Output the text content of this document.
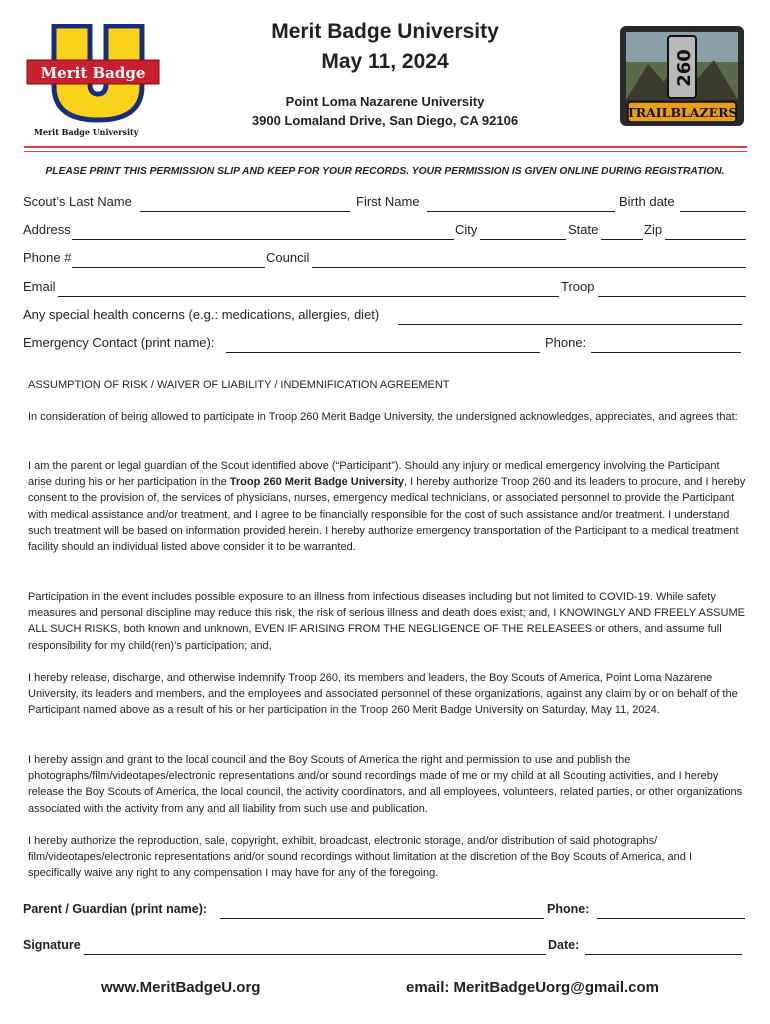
Merit Badge
Merit Badge University
260
TRAILBLAZERS
Merit Badge University
May 11, 2024
Point Loma Nazarene University
3900 Lomaland Drive, San Diego, CA 92106
PLEASE PRINT THIS PERMISSION SLIP AND KEEP FOR YOUR RECORDS. YOUR PERMISSION IS GIVEN ONLINE DURING REGISTRATION.
Scout’s Last Name	First Name	Birth date
Address	City	State	Zip
Phone #	Council
Email	Troop
Any special health concerns (e.g.: medications, allergies, diet)
Emergency Contact (print name):	Phone:
ASSUMPTION OF RISK / WAIVER OF LIABILITY / INDEMNIFICATION AGREEMENT
In consideration of being allowed to participate in Troop 260 Merit Badge University, the undersigned acknowledges, appreciates, and agrees that:
I am the parent or legal guardian of the Scout identified above (“Participant”). Should any injury or medical emergency involving the Participant arise during his or her participation in the Troop 260 Merit Badge University, I hereby authorize Troop 260 and its leaders to procure, and I hereby consent to the provision of, the services of physicians, nurses, emergency medical technicians, or associated personnel to provide the Participant with medical assistance and/or treatment, and I agree to be financially responsible for the cost of such assistance and/or treatment. I understand such treatment will be based on information provided herein. I hereby authorize emergency transportation of the Participant to a medical treatment facility should an individual listed above consider it to be warranted.
Participation in the event includes possible exposure to an illness from infectious diseases including but not limited to COVID-19. While safety measures and personal discipline may reduce this risk, the risk of serious illness and death does exist; and, I KNOWINGLY AND FREELY ASSUME ALL SUCH RISKS, both known and unknown, EVEN IF ARISING FROM THE NEGLIGENCE OF THE RELEASEES or others, and assume full responsibility for my child(ren)’s participation; and,
I hereby release, discharge, and otherwise indemnify Troop 260, its members and leaders, the Boy Scouts of America, Point Loma Nazarene University, its leaders and members, and the employees and associated personnel of these organizations, against any claim by or on behalf of the Participant named above as a result of his or her participation in the Troop 260 Merit Badge University on Saturday, May 11, 2024.
I hereby assign and grant to the local council and the Boy Scouts of America the right and permission to use and publish the photographs/film/videotapes/electronic representations and/or sound recordings made of me or my child at all Scouting activities, and I hereby release the Boy Scouts of America, the local council, the activity coordinators, and all employees, volunteers, related parties, or other organizations associated with the activity from any and all liability from such use and publication.
I hereby authorize the reproduction, sale, copyright, exhibit, broadcast, electronic storage, and/or distribution of said photographs/ film/videotapes/electronic representations and/or sound recordings without limitation at the discretion of the Boy Scouts of America, and I specifically waive any right to any compensation I may have for any of the foregoing.
Parent / Guardian (print name):	Phone:
Signature	Date:
www.MeritBadgeU.org	email: MeritBadgeUorg@gmail.com
